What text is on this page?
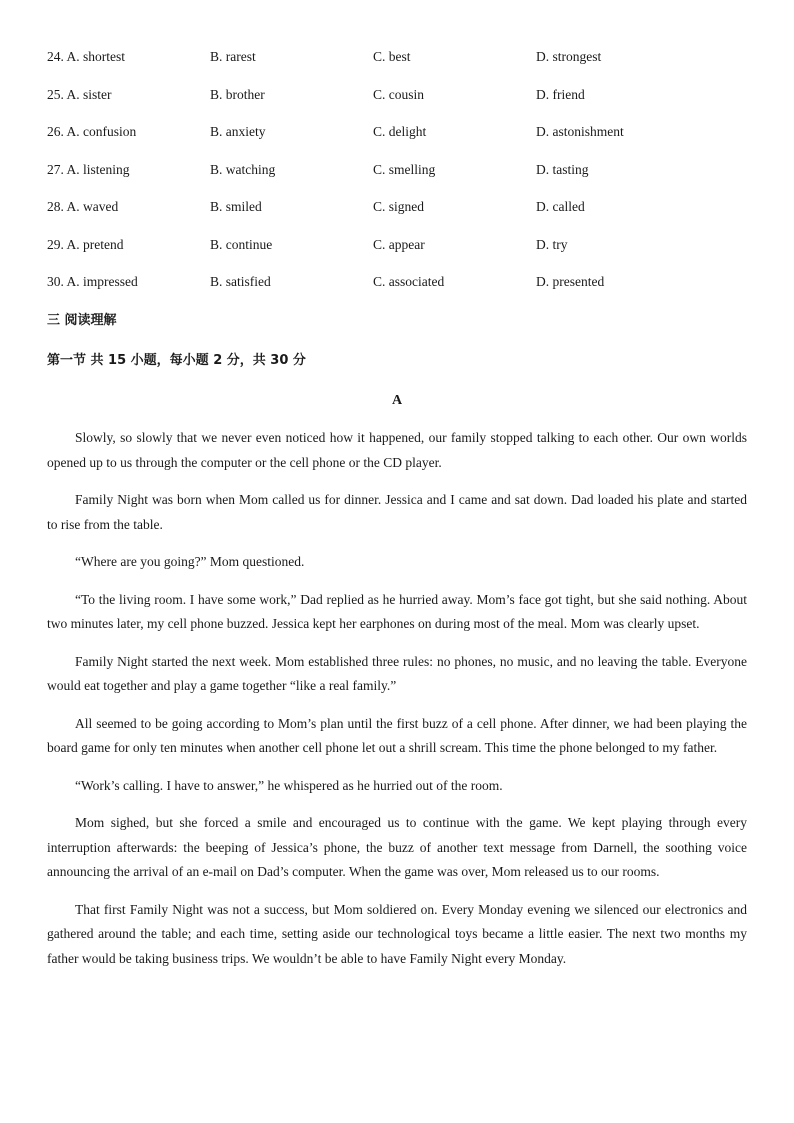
24. A. shortest	B. rarest	C. best	D. strongest
25. A. sister	B. brother	C. cousin	D. friend
26. A. confusion	B. anxiety	C. delight	D. astonishment
27. A. listening	B. watching	C. smelling	D. tasting
28. A. waved	B. smiled	C. signed	D. called
29. A. pretend	B. continue	C. appear	D. try
30. A. impressed	B. satisfied	C. associated	D. presented
三 阅读理解
第一节 共 15 小题，每小题 2 分，共 30 分
A

Slowly, so slowly that we never even noticed how it happened, our family stopped talking to each other. Our own worlds opened up to us through the computer or the cell phone or the CD player.

Family Night was born when Mom called us for dinner. Jessica and I came and sat down. Dad loaded his plate and started to rise from the table.

“Where are you going?” Mom questioned.

“To the living room. I have some work,” Dad replied as he hurried away. Mom’s face got tight, but she said nothing. About two minutes later, my cell phone buzzed. Jessica kept her earphones on during most of the meal. Mom was clearly upset.

Family Night started the next week. Mom established three rules: no phones, no music, and no leaving the table. Everyone would eat together and play a game together “like a real family.”

All seemed to be going according to Mom’s plan until the first buzz of a cell phone. After dinner, we had been playing the board game for only ten minutes when another cell phone let out a shrill scream. This time the phone belonged to my father.

“Work’s calling. I have to answer,” he whispered as he hurried out of the room.

Mom sighed, but she forced a smile and encouraged us to continue with the game. We kept playing through every interruption afterwards: the beeping of Jessica’s phone, the buzz of another text message from Darnell, the soothing voice announcing the arrival of an e-mail on Dad’s computer. When the game was over, Mom released us to our rooms.

That first Family Night was not a success, but Mom soldiered on. Every Monday evening we silenced our electronics and gathered around the table; and each time, setting aside our technological toys became a little easier. The next two months my father would be taking business trips. We wouldn’t be able to have Family Night every Monday.
